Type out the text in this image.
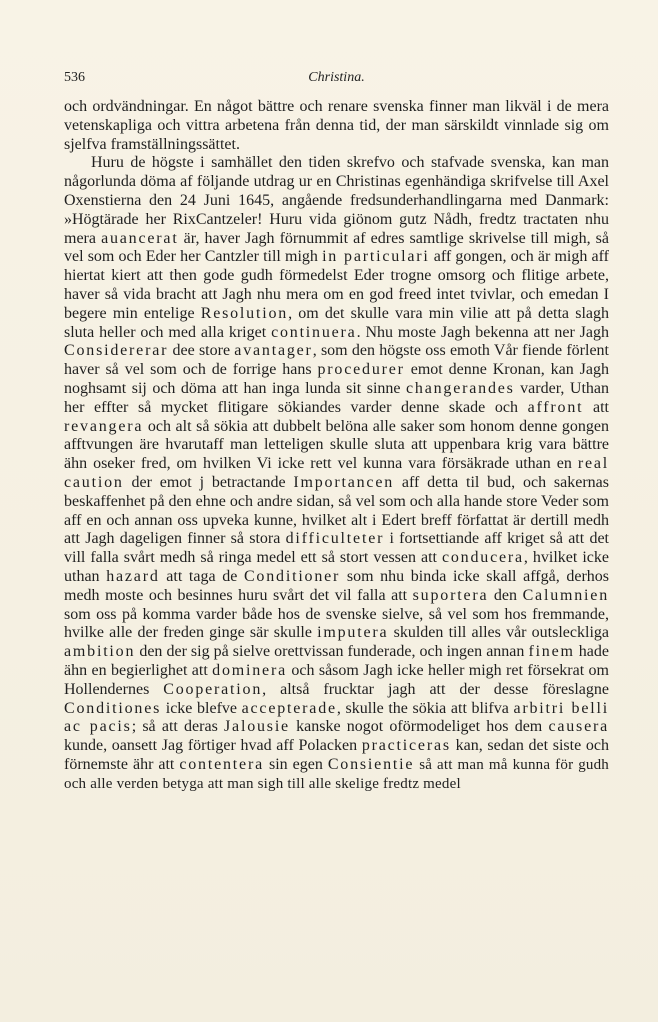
536	Christina.

och ordvändningar. En något bättre och renare svenska finner man likväl i de mera vetenskapliga och vittra arbetena från denna tid, der man särskildt vinnlade sig om sjelfva framställningssättet.

Huru de högste i samhället den tiden skrefvo och stafvade svenska, kan man någorlunda döma af följande utdrag ur en Christinas egenhändiga skrifvelse till Axel Oxenstierna den 24 Juni 1645, angående fredsunderhandlingarna med Danmark: »Högtärade her RixCantzeler! Huru vida giönom gutz Nådh, fredtz tractaten nhu mera auancerat är, haver Jagh förnummit af edres samtlige skrivelse till migh, så vel som och Eder her Cantzler till migh in particulari aff gongen, och är migh aff hiertat kiert att then gode gudh förmedelst Eder trogne omsorg och flitige arbete, haver så vida bracht att Jagh nhu mera om en god freed intet tvivlar, och emedan I begere min entelige Resolution, om det skulle vara min vilie att på detta slagh sluta heller och med alla kriget continuera. Nhu moste Jagh bekenna att ner Jagh Considererar dee store avantager, som den högste oss emoth Vår fiende förlent haver så vel som och de forrige hans procedurer emot denne Kronan, kan Jagh noghsamt sij och döma att han inga lunda sit sinne changerandes varder, Uthan her effter så mycket flitigare sökiandes varder denne skade och affront att revangera och alt så sökia att dubbelt belöna alle saker som honom denne gongen afftvungen äre hvarutaff man letteligen skulle sluta att uppenbara krig vara bättre ähn oseker fred, om hvilken Vi icke rett vel kunna vara försäkrade uthan en real caution der emot j betractande Importancen aff detta til bud, och sakernas beskaffenhet på den ehne och andre sidan, så vel som och alla hande store Veder som aff en och annan oss upveka kunne, hvilket alt i Edert breff författat är dertill medh att Jagh dageligen finner så stora difficulteter i fortsettiande aff kriget så att det vill falla svårt medh så ringa medel ett så stort vessen att conducera, hvilket icke uthan hazard att taga de Conditioner som nhu binda icke skall affgå, derhos medh moste och besinnes huru svårt det vil falla att suportera den Calumnien som oss på komma varder både hos de svenske sielve, så vel som hos fremmande, hvilke alle der freden ginge sär skulle imputera skulden till alles vår outsleckliga ambition den der sig på sielve orettvissan funderade, och ingen annan finem hade ähn en begierlighet att dominera och såsom Jagh icke heller migh ret försekrat om Hollendernes Cooperation, altså frucktar jagh att der desse föreslagne Conditiones icke blefve accepterade, skulle the sökia att blifva arbitri belli ac pacis; så att deras Jalousie kanske nogot oförmodeliget hos dem causera kunde, oansett Jag förtiger hvad aff Polacken practiceras kan, sedan det siste och förnemste ähr att contentera sin egen Consientie så att man må kunna för gudh och alle verden betyga att man sigh till alle skelige fredtz medel
